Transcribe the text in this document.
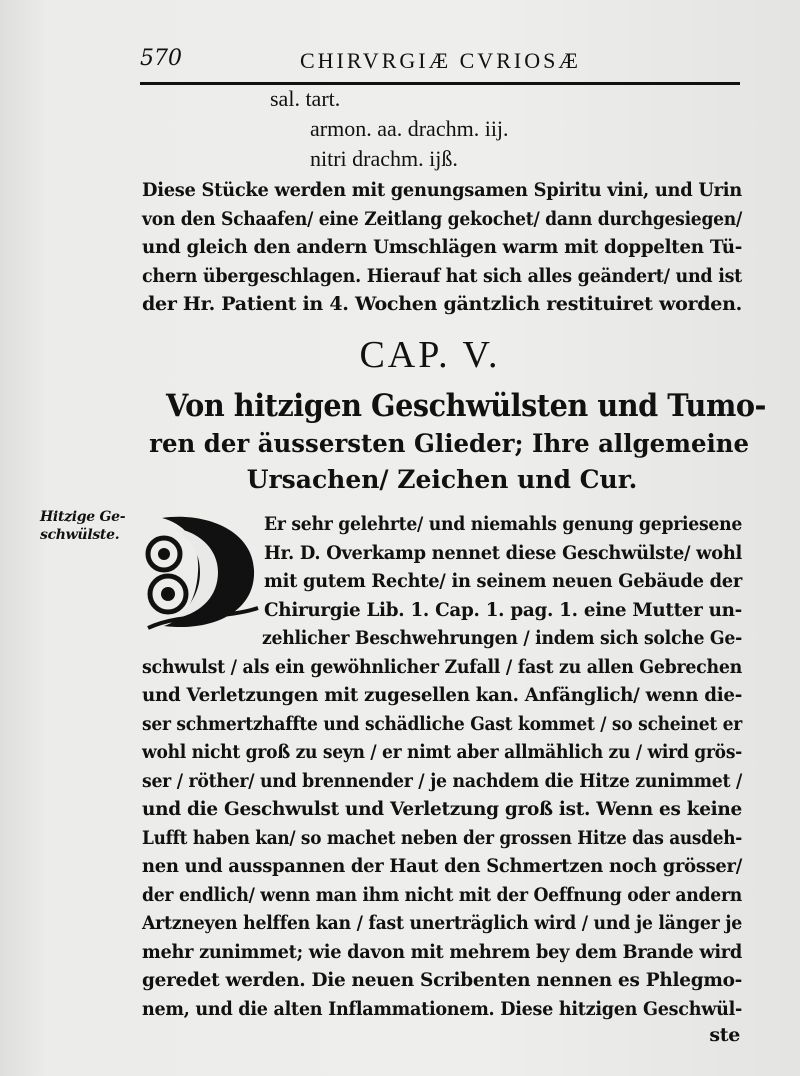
570	CHIRVRGIÆ CVRIOSÆ
sal. tart.
armon. aa. drachm. iij.
nitri drachm. ijß.
Diese Stücke werden mit genungsamen Spiritu vini, und Urin
von den Schaafen/ eine Zeitlang gekochet/ dann durchgesiegen/
und gleich den andern Umschlägen warm mit doppelten Tü-
chern übergeschlagen. Hierauf hat sich alles geändert/ und ist
der Hr. Patient in 4. Wochen gäntzlich restituiret worden.
CAP. V.
Von hitzigen Geschwülsten und Tumo-
ren der äussersten Glieder; Ihre allgemeine
Ursachen/ Zeichen und Cur.
Hitzige Ge-
schwülste.
D
Er sehr gelehrte/ und niemahls genung gepriesene
Hr. D. Overkamp nennet diese Geschwülste/ wohl
mit gutem Rechte/ in seinem neuen Gebäude der
Chirurgie Lib. 1. Cap. 1. pag. 1. eine Mutter un-
zehlicher Beschwehrungen / indem sich solche Ge-
schwulst / als ein gewöhnlicher Zufall / fast zu allen Gebrechen
und Verletzungen mit zugesellen kan. Anfänglich/ wenn die-
ser schmertzhaffte und schädliche Gast kommet / so scheinet er
wohl nicht groß zu seyn / er nimt aber allmählich zu / wird grös-
ser / röther/ und brennender / je nachdem die Hitze zunimmet /
und die Geschwulst und Verletzung groß ist. Wenn es keine
Lufft haben kan/ so machet neben der grossen Hitze das ausdeh-
nen und ausspannen der Haut den Schmertzen noch grösser/
der endlich/ wenn man ihm nicht mit der Oeffnung oder andern
Artzneyen helffen kan / fast unerträglich wird / und je länger je
mehr zunimmet; wie davon mit mehrem bey dem Brande wird
geredet werden. Die neuen Scribenten nennen es Phlegmo-
nem, und die alten Inflammationem. Diese hitzigen Geschwül-
ste
